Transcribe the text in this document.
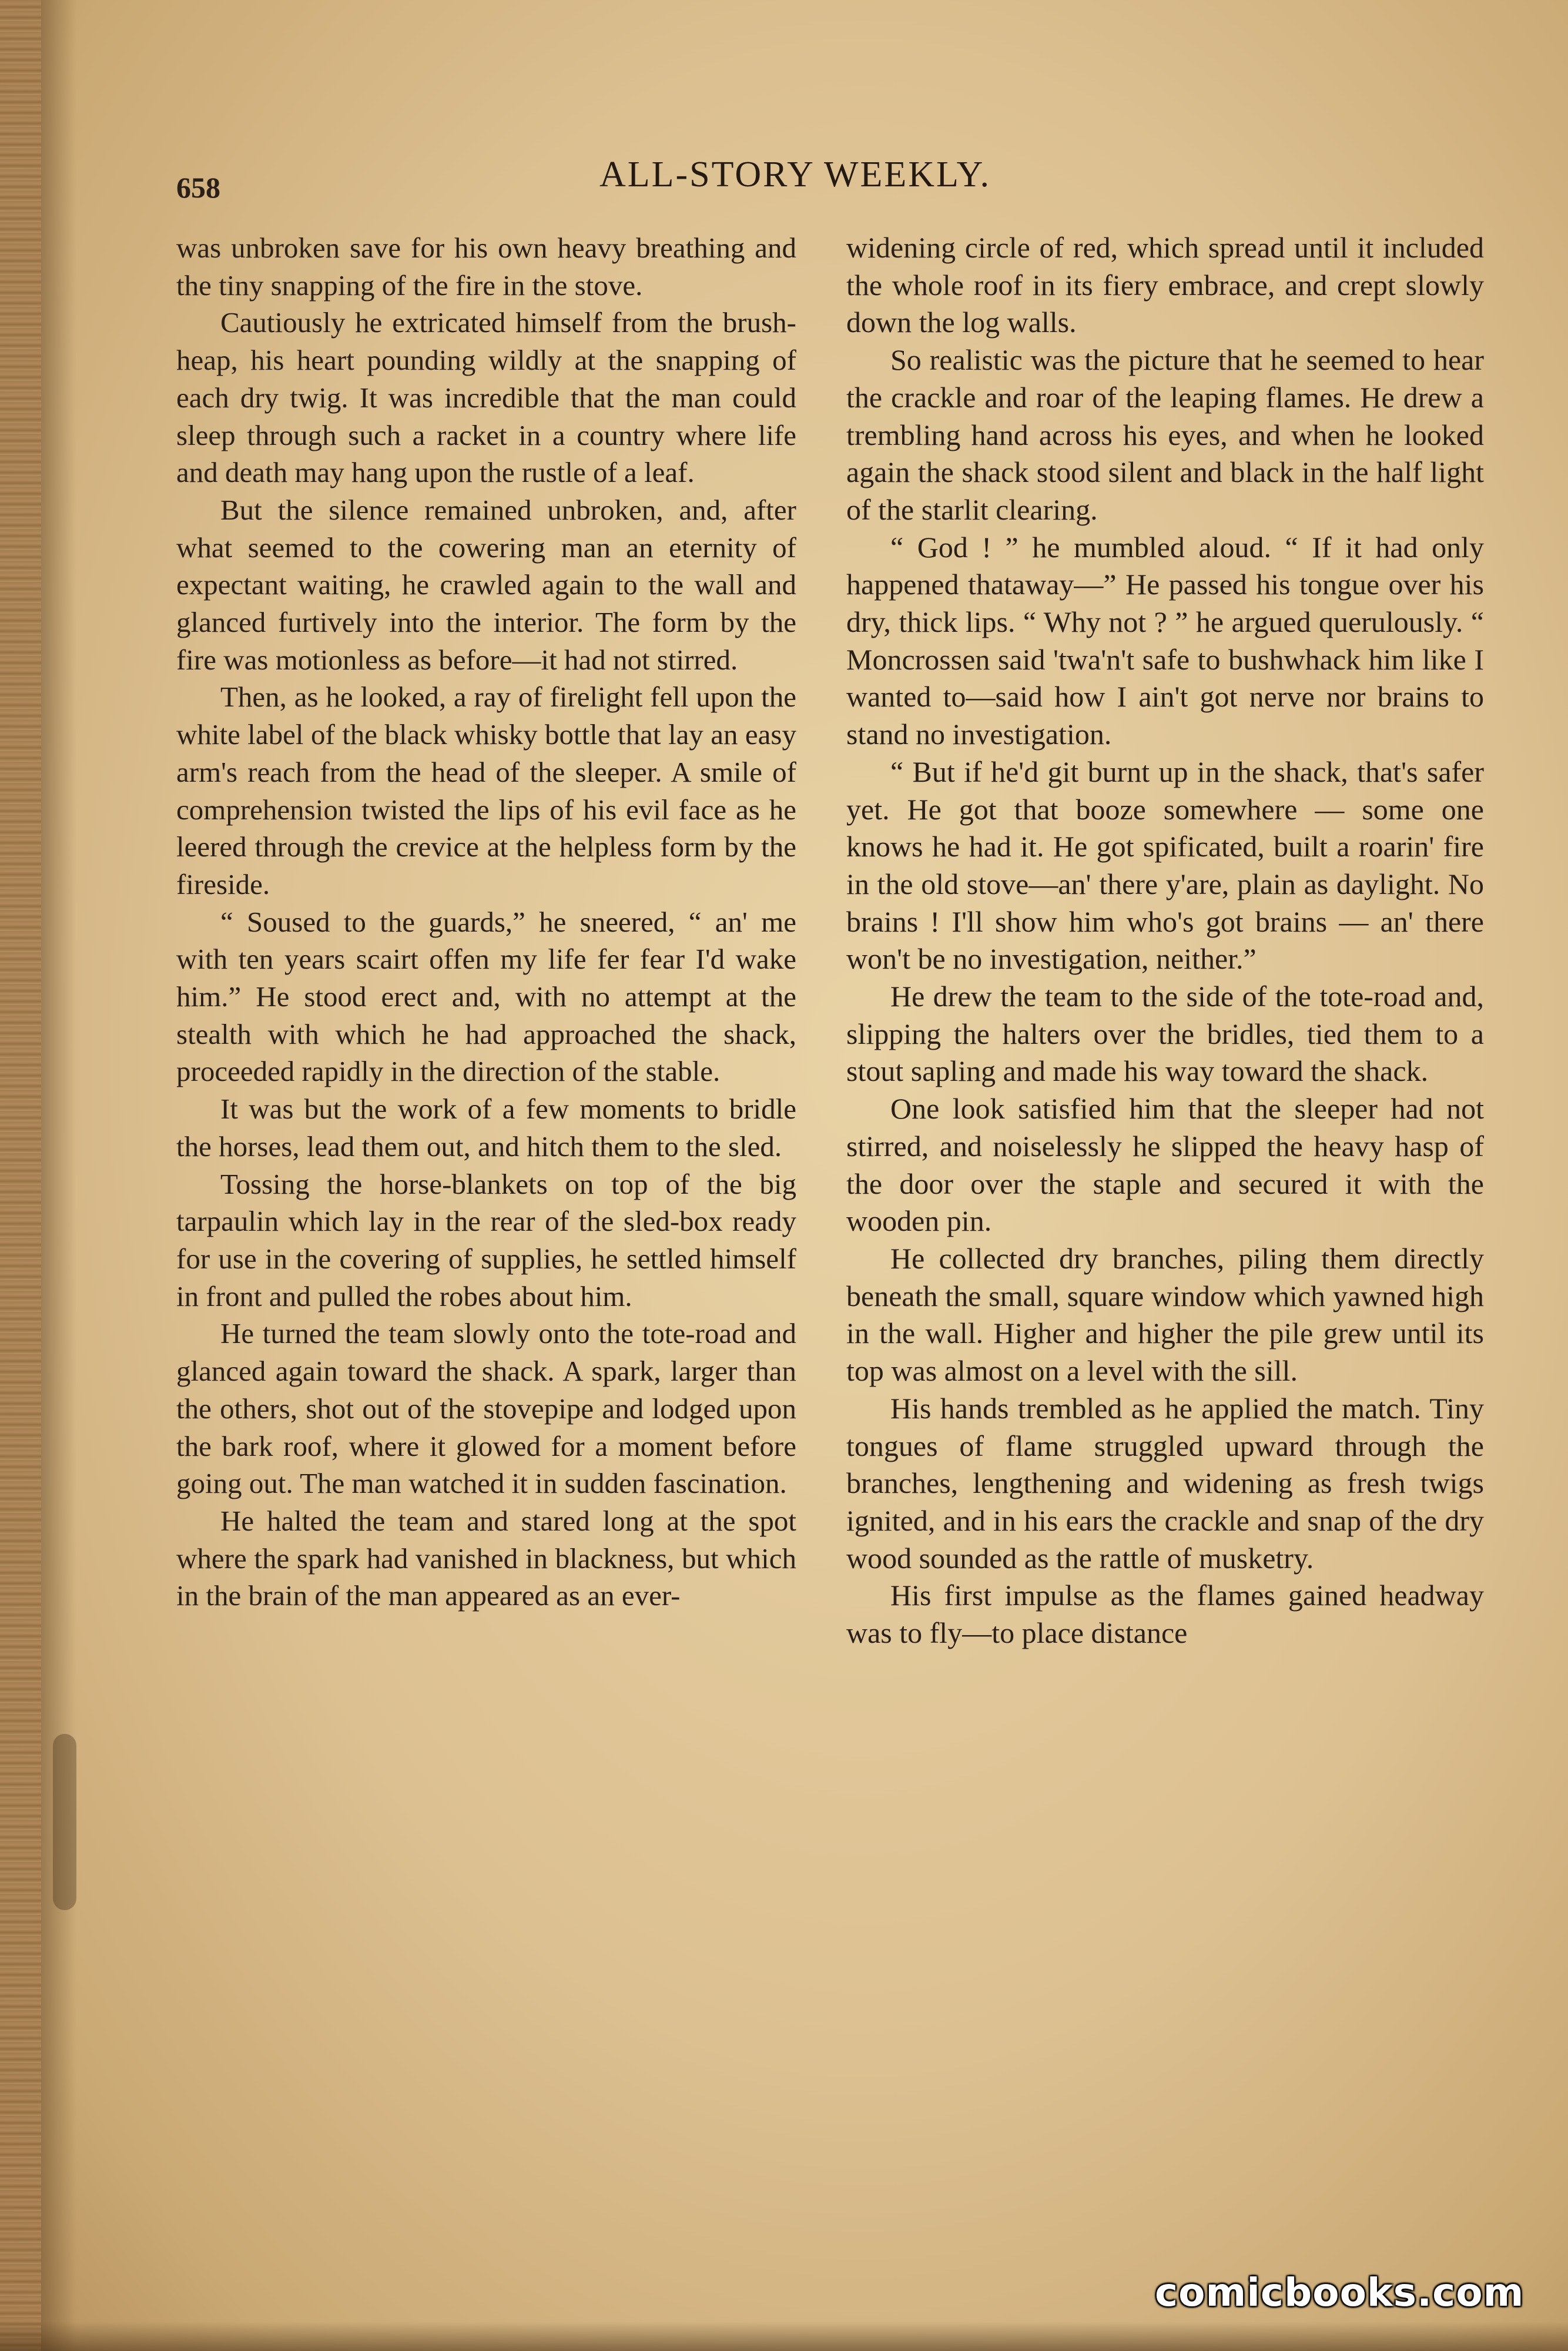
658	ALL-STORY WEEKLY.

was unbroken save for his own heavy breathing and the tiny snapping of the fire in the stove.

Cautiously he extricated himself from the brush-heap, his heart pounding wildly at the snapping of each dry twig. It was incredible that the man could sleep through such a racket in a country where life and death may hang upon the rustle of a leaf.

But the silence remained unbroken, and, after what seemed to the cowering man an eternity of expectant waiting, he crawled again to the wall and glanced furtively into the interior. The form by the fire was motionless as before—it had not stirred.

Then, as he looked, a ray of firelight fell upon the white label of the black whisky bottle that lay an easy arm's reach from the head of the sleeper. A smile of comprehension twisted the lips of his evil face as he leered through the crevice at the helpless form by the fireside.

“ Soused to the guards,” he sneered, “ an' me with ten years scairt offen my life fer fear I'd wake him.” He stood erect and, with no attempt at the stealth with which he had approached the shack, proceeded rapidly in the direction of the stable.

It was but the work of a few moments to bridle the horses, lead them out, and hitch them to the sled.

Tossing the horse-blankets on top of the big tarpaulin which lay in the rear of the sled-box ready for use in the covering of supplies, he settled himself in front and pulled the robes about him.

He turned the team slowly onto the tote-road and glanced again toward the shack. A spark, larger than the others, shot out of the stovepipe and lodged upon the bark roof, where it glowed for a moment before going out. The man watched it in sudden fascination.

He halted the team and stared long at the spot where the spark had vanished in blackness, but which in the brain of the man appeared as an ever-

widening circle of red, which spread until it included the whole roof in its fiery embrace, and crept slowly down the log walls.

So realistic was the picture that he seemed to hear the crackle and roar of the leaping flames. He drew a trembling hand across his eyes, and when he looked again the shack stood silent and black in the half light of the starlit clearing.

“ God ! ” he mumbled aloud. “ If it had only happened thataway—” He passed his tongue over his dry, thick lips. “ Why not ? ” he argued querulously. “ Moncrossen said 'twa'n't safe to bushwhack him like I wanted to—said how I ain't got nerve nor brains to stand no investigation.

“ But if he'd git burnt up in the shack, that's safer yet. He got that booze somewhere — some one knows he had it. He got spificated, built a roarin' fire in the old stove—an' there y'are, plain as daylight. No brains ! I'll show him who's got brains — an' there won't be no investigation, neither.”

He drew the team to the side of the tote-road and, slipping the halters over the bridles, tied them to a stout sapling and made his way toward the shack.

One look satisfied him that the sleeper had not stirred, and noiselessly he slipped the heavy hasp of the door over the staple and secured it with the wooden pin.

He collected dry branches, piling them directly beneath the small, square window which yawned high in the wall. Higher and higher the pile grew until its top was almost on a level with the sill.

His hands trembled as he applied the match. Tiny tongues of flame struggled upward through the branches, lengthening and widening as fresh twigs ignited, and in his ears the crackle and snap of the dry wood sounded as the rattle of musketry.

His first impulse as the flames gained headway was to fly—to place distance

comicbooks.com
